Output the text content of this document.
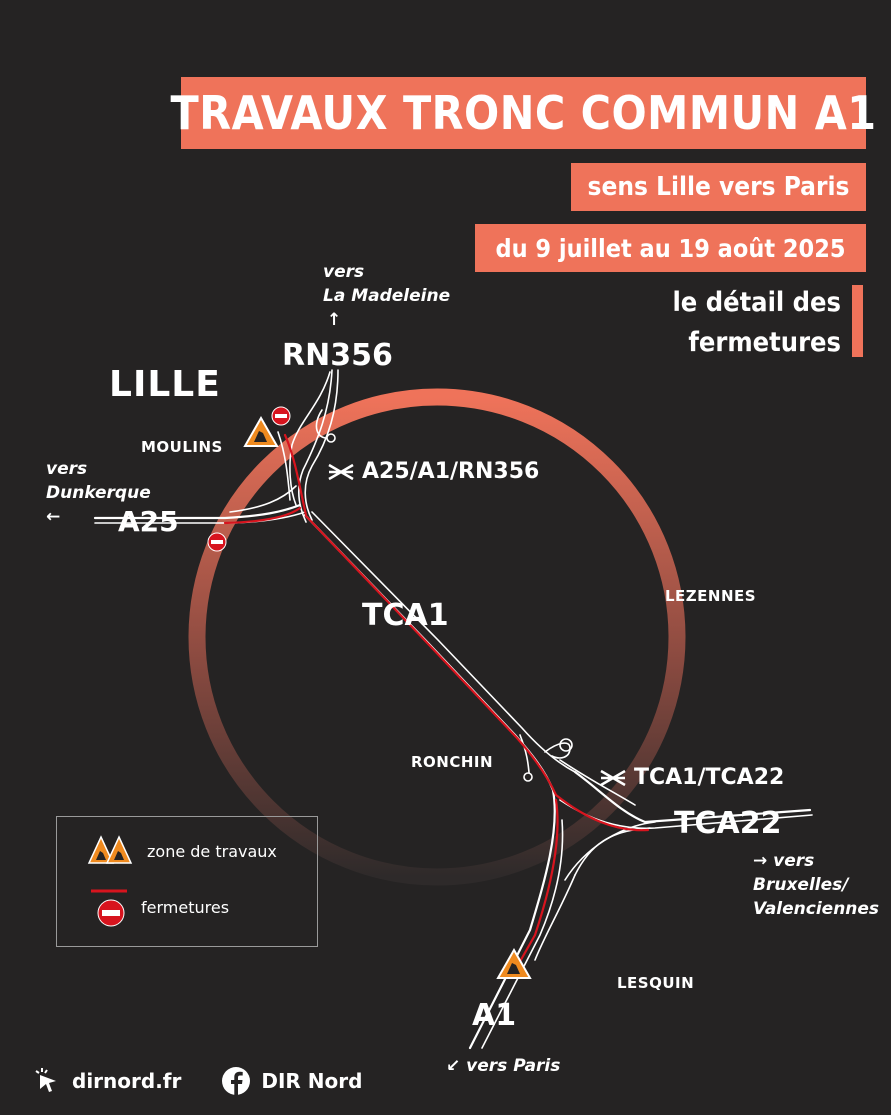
TRAVAUX TRONC COMMUN A1
sens Lille vers Paris
du 9 juillet au 19 août 2025
le détail des
fermetures
LILLE
RN356
A25
TCA1
TCA22
A1
MOULINS
LEZENNES
RONCHIN
LESQUIN
A25/A1/RN356
TCA1/TCA22
vers
La Madeleine
↑
vers
Dunkerque
←
→ vers
Bruxelles/
Valenciennes
↙ vers Paris
zone de travaux
fermetures
dirnord.fr	DIR Nord
